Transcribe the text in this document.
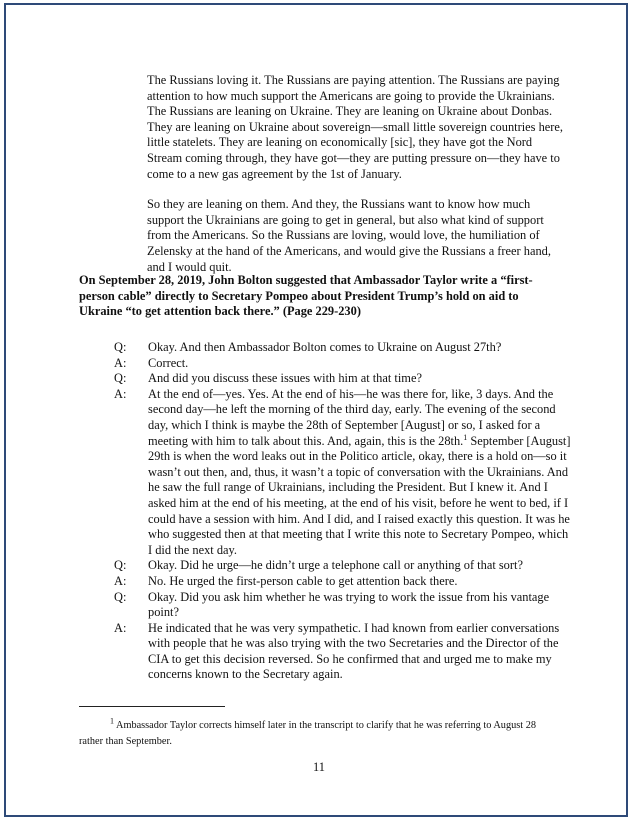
The Russians loving it. The Russians are paying attention. The Russians are paying attention to how much support the Americans are going to provide the Ukrainians. The Russians are leaning on Ukraine. They are leaning on Ukraine about Donbas. They are leaning on Ukraine about sovereign—small little sovereign countries here, little statelets. They are leaning on economically [sic], they have got the Nord Stream coming through, they have got—they are putting pressure on—they have to come to a new gas agreement by the 1st of January.

So they are leaning on them. And they, the Russians want to know how much support the Ukrainians are going to get in general, but also what kind of support from the Americans. So the Russians are loving, would love, the humiliation of Zelensky at the hand of the Americans, and would give the Russians a freer hand, and I would quit.

On September 28, 2019, John Bolton suggested that Ambassador Taylor write a “first-person cable” directly to Secretary Pompeo about President Trump’s hold on aid to Ukraine “to get attention back there.” (Page 229-230)
Q:	Okay. And then Ambassador Bolton comes to Ukraine on August 27th?
A:	Correct.
Q:	And did you discuss these issues with him at that time?
A:	At the end of—yes. Yes. At the end of his—he was there for, like, 3 days. And the second day—he left the morning of the third day, early. The evening of the second day, which I think is maybe the 28th of September [August] or so, I asked for a meeting with him to talk about this. And, again, this is the 28th.$^1$ September [August] 29th is when the word leaks out in the Politico article, okay, there is a hold on—so it wasn’t out then, and, thus, it wasn’t a topic of conversation with the Ukrainians. And he saw the full range of Ukrainians, including the President. But I knew it. And I asked him at the end of his meeting, at the end of his visit, before he went to bed, if I could have a session with him. And I did, and I raised exactly this question. It was he who suggested then at that meeting that I write this note to Secretary Pompeo, which I did the next day.
Q:	Okay. Did he urge—he didn’t urge a telephone call or anything of that sort?
A:	No. He urged the first-person cable to get attention back there.
Q:	Okay. Did you ask him whether he was trying to work the issue from his vantage point?
A:	He indicated that he was very sympathetic. I had known from earlier conversations with people that he was also trying with the two Secretaries and the Director of the CIA to get this decision reversed. So he confirmed that and urged me to make my concerns known to the Secretary again.
$^1$ Ambassador Taylor corrects himself later in the transcript to clarify that he was referring to August 28
rather than September.
11
